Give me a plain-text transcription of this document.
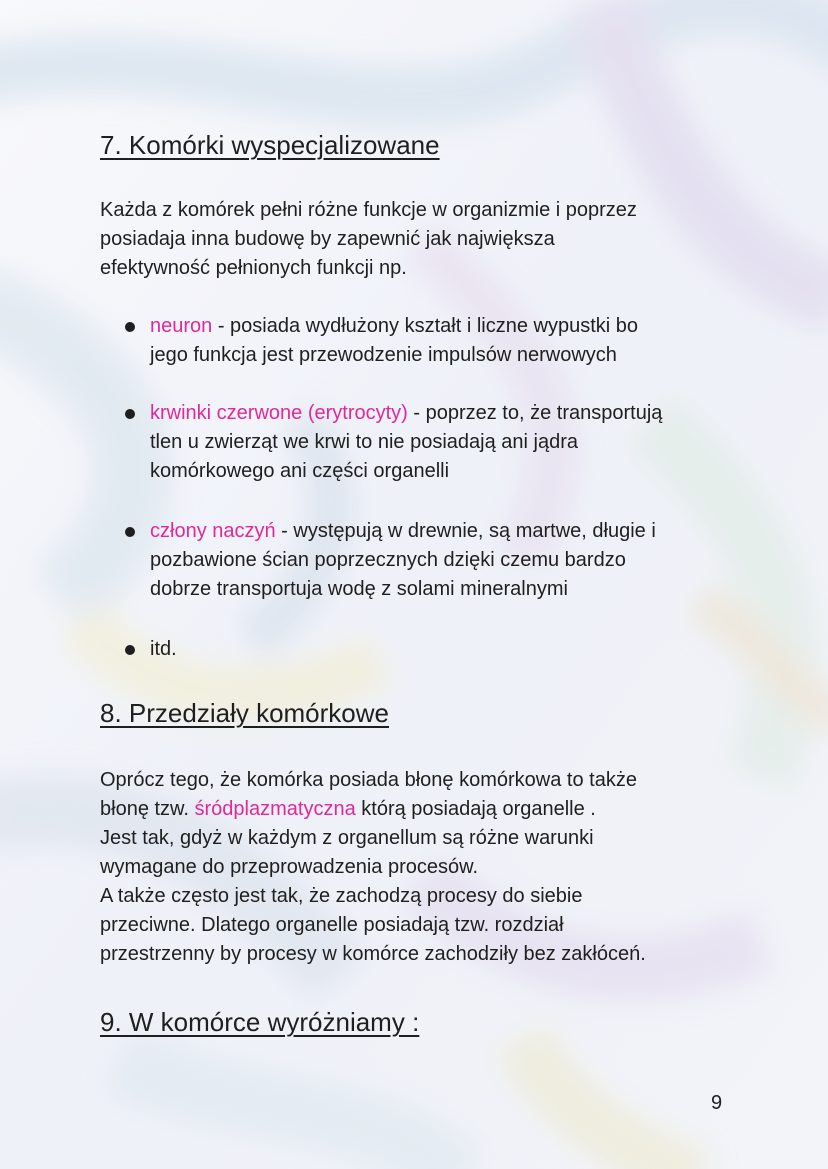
7. Komórki wyspecjalizowane
Każda z komórek pełni różne funkcje w organizmie i poprzez
posiadaja inna budowę by zapewnić jak największa
efektywność pełnionych funkcji np.
neuron - posiada wydłużony kształt i liczne wypustki bo
jego funkcja jest przewodzenie impulsów nerwowych
krwinki czerwone (erytrocyty) - poprzez to, że transportują
tlen u zwierząt we krwi to nie posiadają ani jądra
komórkowego ani części organelli
człony naczyń - występują w drewnie, są martwe, długie i
pozbawione ścian poprzecznych dzięki czemu bardzo
dobrze transportuja wodę z solami mineralnymi
itd.
8. Przedziały komórkowe
Oprócz tego, że komórka posiada błonę komórkowa to także
błonę tzw. śródplazmatyczna którą posiadają organelle .
Jest tak, gdyż w każdym z organellum są różne warunki
wymagane do przeprowadzenia procesów.
A także często jest tak, że zachodzą procesy do siebie
przeciwne. Dlatego organelle posiadają tzw. rozdział
przestrzenny by procesy w komórce zachodziły bez zakłóceń.
9. W komórce wyróżniamy :
9
